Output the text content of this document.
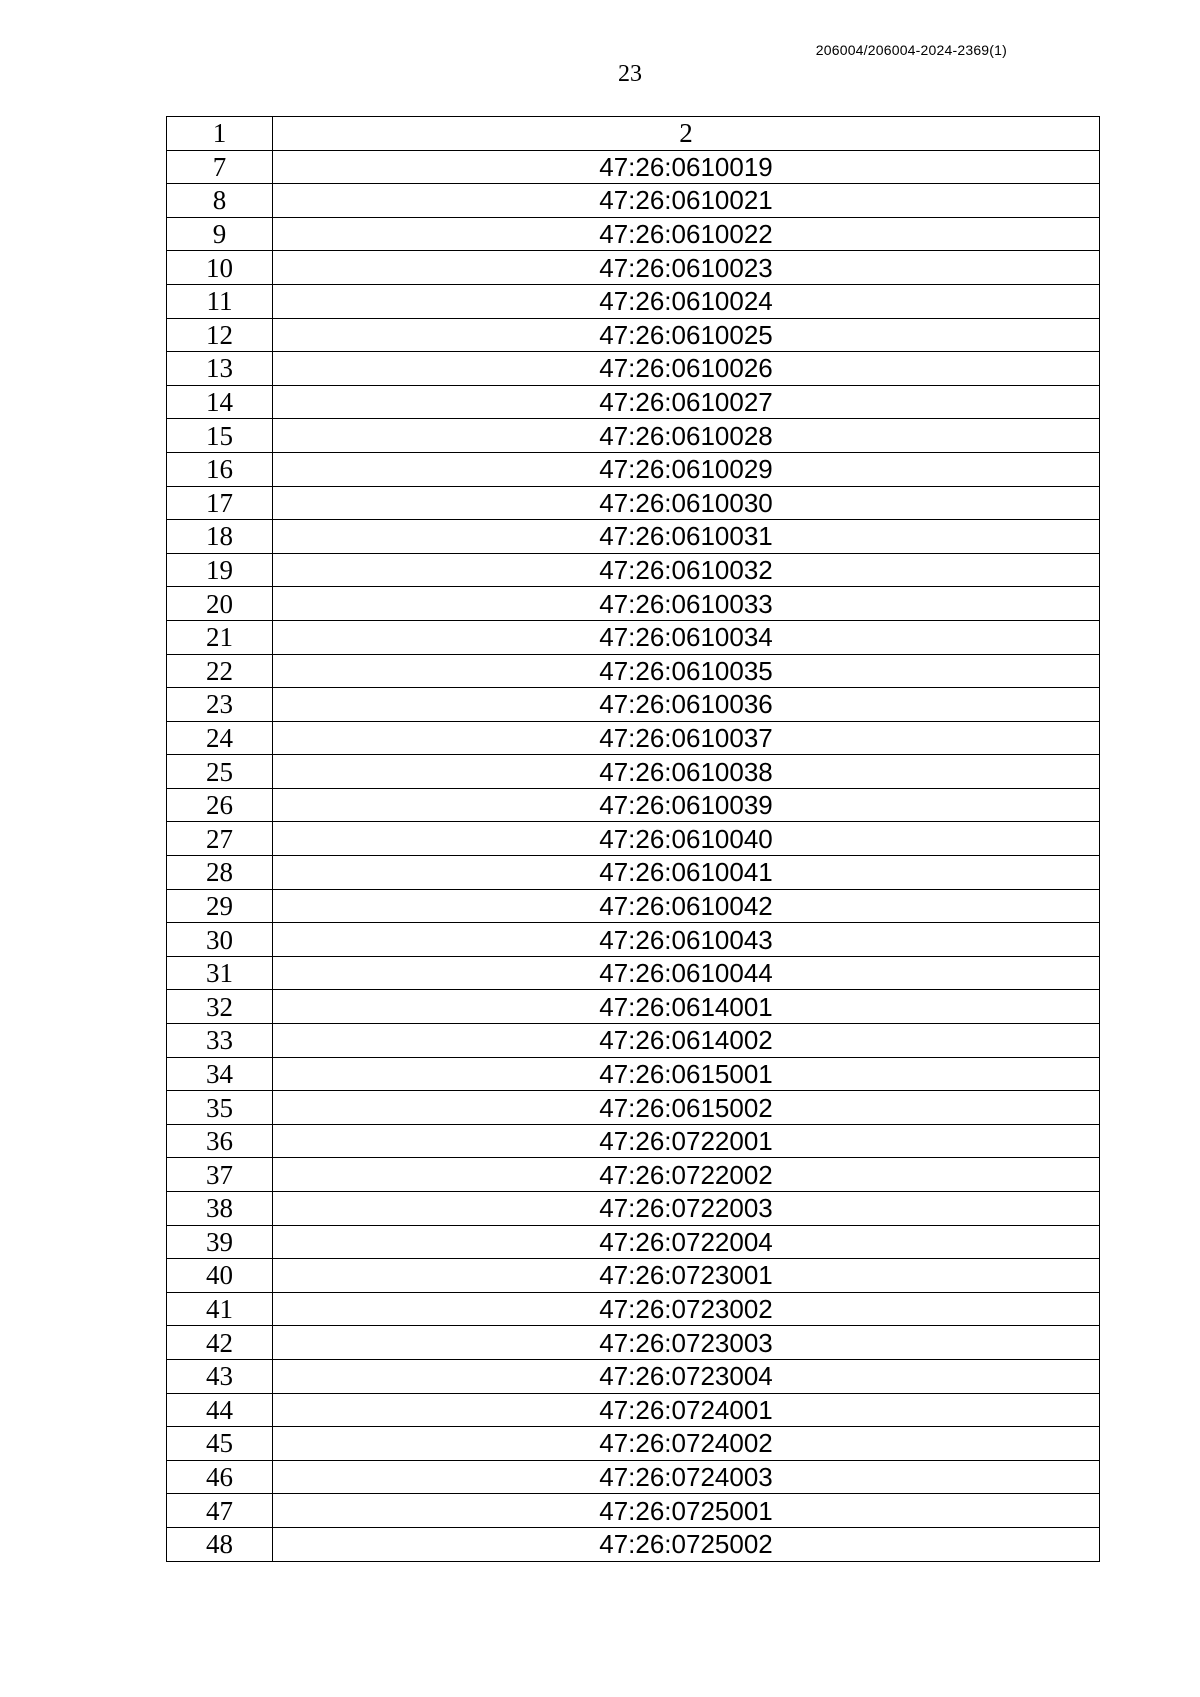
206004/206004-2024-2369(1)
23
1	2
7	47:26:0610019
8	47:26:0610021
9	47:26:0610022
10	47:26:0610023
11	47:26:0610024
12	47:26:0610025
13	47:26:0610026
14	47:26:0610027
15	47:26:0610028
16	47:26:0610029
17	47:26:0610030
18	47:26:0610031
19	47:26:0610032
20	47:26:0610033
21	47:26:0610034
22	47:26:0610035
23	47:26:0610036
24	47:26:0610037
25	47:26:0610038
26	47:26:0610039
27	47:26:0610040
28	47:26:0610041
29	47:26:0610042
30	47:26:0610043
31	47:26:0610044
32	47:26:0614001
33	47:26:0614002
34	47:26:0615001
35	47:26:0615002
36	47:26:0722001
37	47:26:0722002
38	47:26:0722003
39	47:26:0722004
40	47:26:0723001
41	47:26:0723002
42	47:26:0723003
43	47:26:0723004
44	47:26:0724001
45	47:26:0724002
46	47:26:0724003
47	47:26:0725001
48	47:26:0725002
